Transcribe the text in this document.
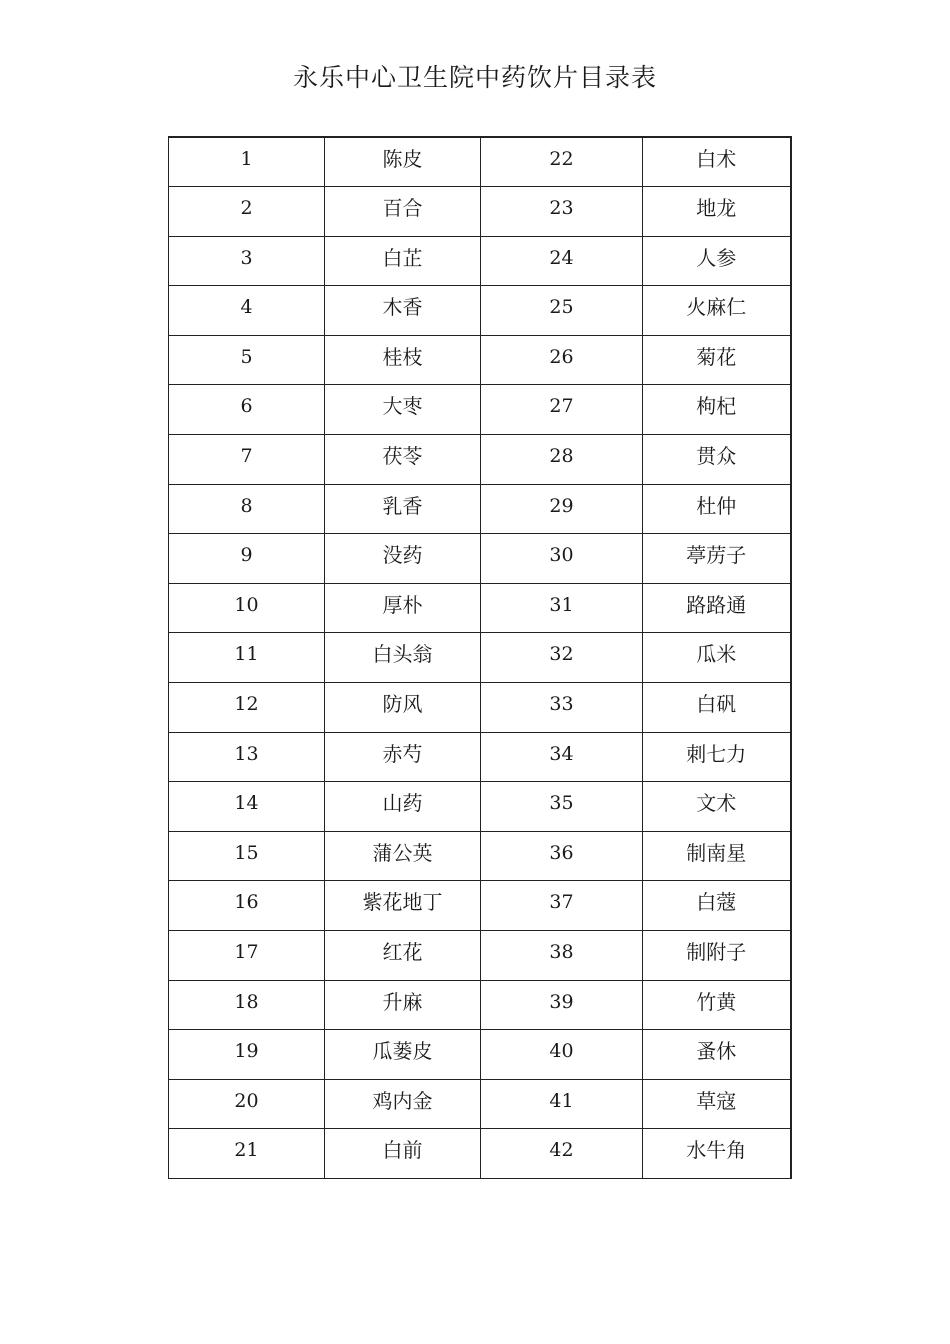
永乐中心卫生院中药饮片目录表
1	陈皮	22	白术
2	百合	23	地龙
3	白芷	24	人参
4	木香	25	火麻仁
5	桂枝	26	菊花
6	大枣	27	枸杞
7	茯苓	28	贯众
8	乳香	29	杜仲
9	没药	30	葶苈子
10	厚朴	31	路路通
11	白头翁	32	瓜米
12	防风	33	白矾
13	赤芍	34	刺七力
14	山药	35	文术
15	蒲公英	36	制南星
16	紫花地丁	37	白蔻
17	红花	38	制附子
18	升麻	39	竹黄
19	瓜蒌皮	40	蚤休
20	鸡内金	41	草寇
21	白前	42	水牛角
